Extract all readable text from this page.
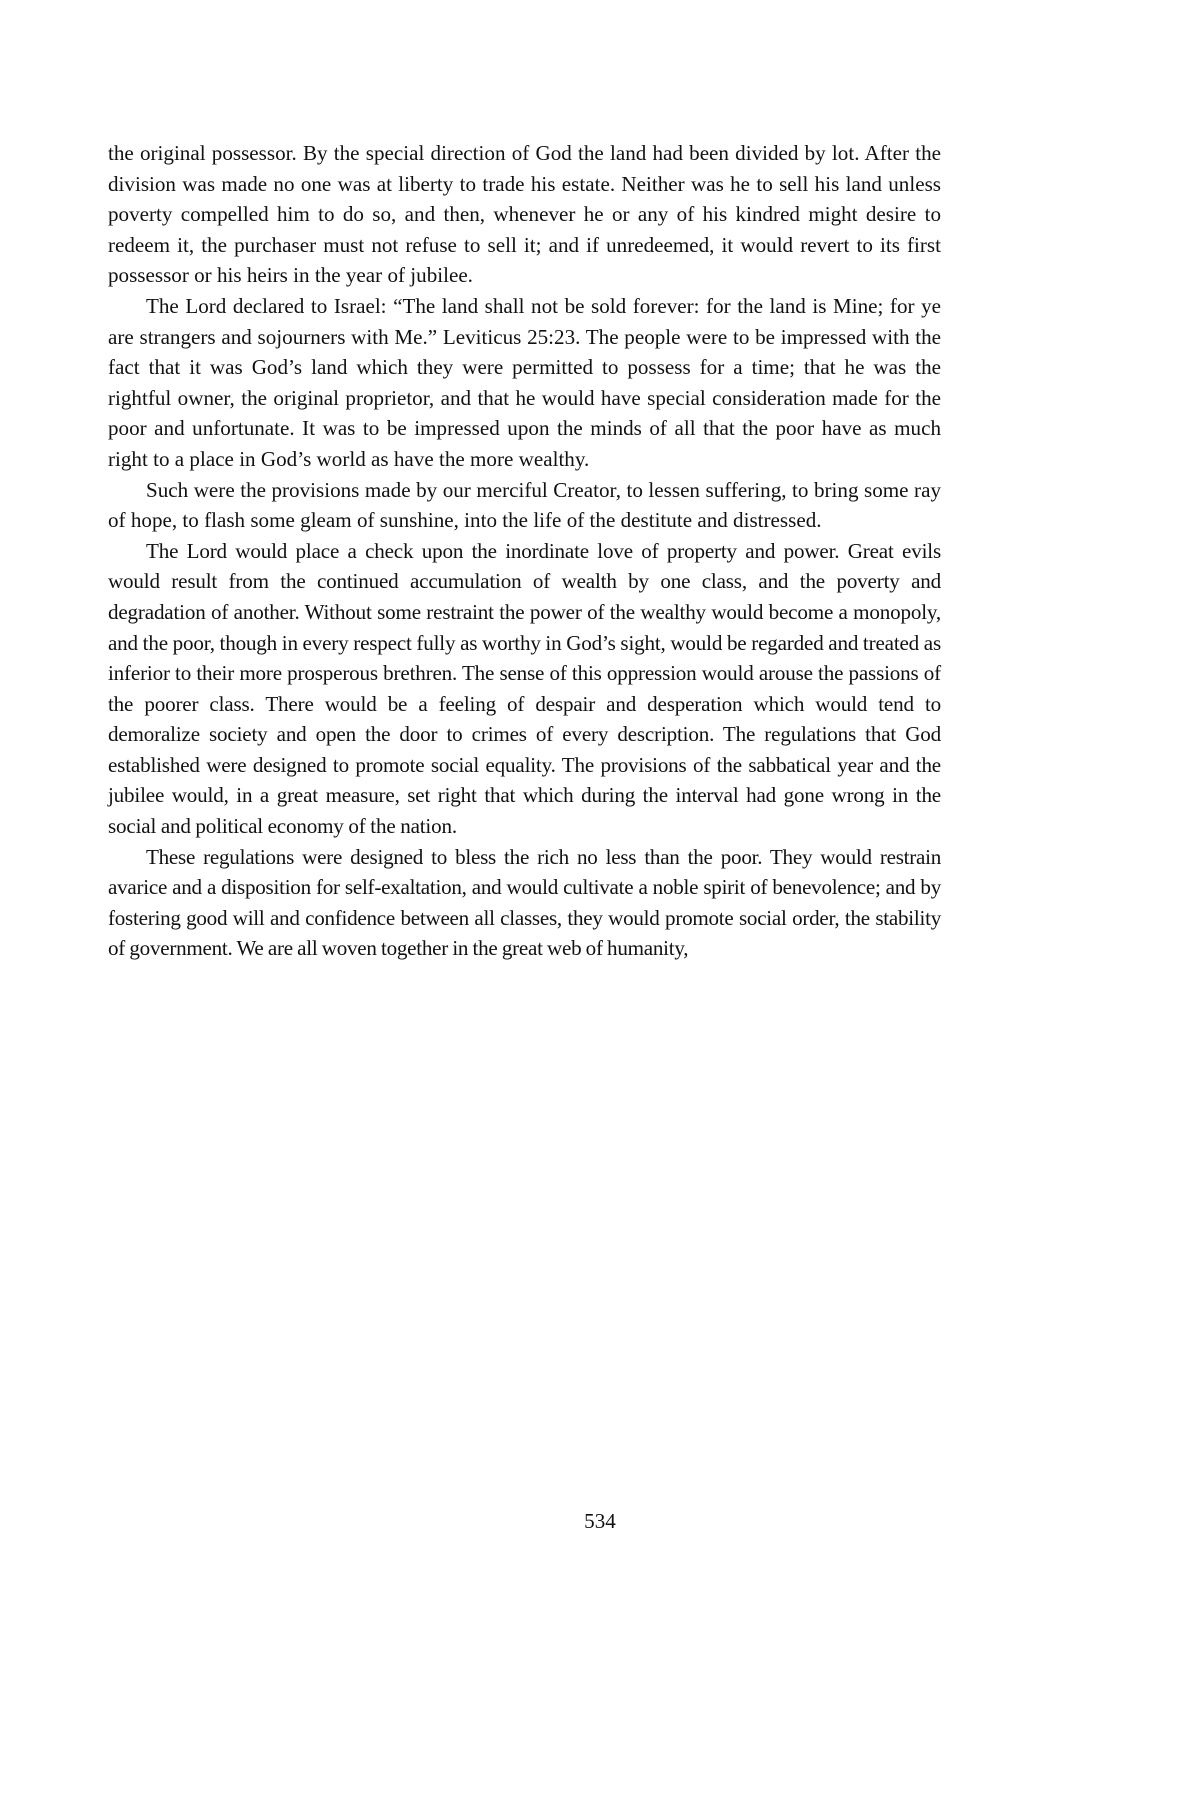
the original possessor. By the special direction of God the land had been divided by lot. After the division was made no one was at liberty to trade his estate. Neither was he to sell his land unless poverty compelled him to do so, and then, whenever he or any of his kindred might desire to redeem it, the purchaser must not refuse to sell it; and if unredeemed, it would revert to its first possessor or his heirs in the year of jubilee.

The Lord declared to Israel: “The land shall not be sold forever: for the land is Mine; for ye are strangers and sojourners with Me.” Leviticus 25:23. The people were to be impressed with the fact that it was God’s land which they were permitted to possess for a time; that he was the rightful owner, the original proprietor, and that he would have special consideration made for the poor and unfortunate. It was to be impressed upon the minds of all that the poor have as much right to a place in God’s world as have the more wealthy.

Such were the provisions made by our merciful Creator, to lessen suffering, to bring some ray of hope, to flash some gleam of sunshine, into the life of the destitute and distressed.

The Lord would place a check upon the inordinate love of property and power. Great evils would result from the continued accumulation of wealth by one class, and the poverty and degradation of another. Without some restraint the power of the wealthy would become a monopoly, and the poor, though in every respect fully as worthy in God’s sight, would be regarded and treated as inferior to their more prosperous brethren. The sense of this oppression would arouse the passions of the poorer class. There would be a feeling of despair and desperation which would tend to demoralize society and open the door to crimes of every description. The regulations that God established were designed to promote social equality. The provisions of the sabbatical year and the jubilee would, in a great measure, set right that which during the interval had gone wrong in the social and political economy of the nation.

These regulations were designed to bless the rich no less than the poor. They would restrain avarice and a disposition for self-exaltation, and would cultivate a noble spirit of benevolence; and by fostering good will and confidence between all classes, they would promote social order, the stability of government. We are all woven together in the great web of humanity,

534
